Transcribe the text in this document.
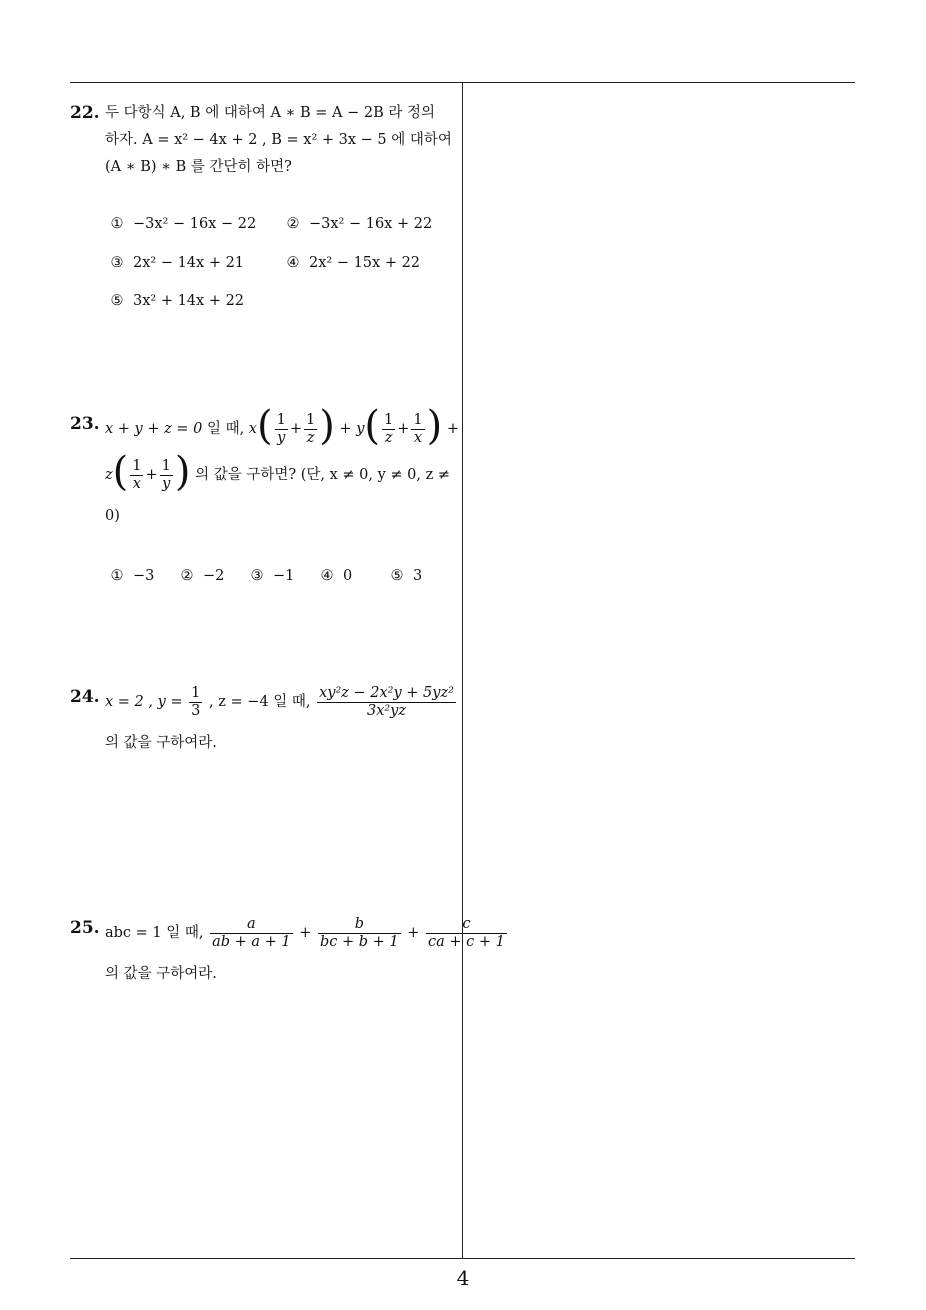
4
22. 두 다항식 A, B 에 대하여 A ∗ B = A − 2B 라 정의
하자. A = x² − 4x + 2 , B = x² + 3x − 5 에 대하여
(A ∗ B) ∗ B 를 간단히 하면?
① −3x² − 16x − 22 ② −3x² − 16x + 22
③ 2x² − 14x + 21	④ 2x² − 15x + 22
⑤ 3x² + 14x + 22
23. x + y + z = 0 일 때, $x( \frac{1}{y} + \frac{1}{z}$ ) + $y( \frac{1}{z} + \frac{1}{x}$ ) +
$z( \frac{1}{x} + \frac{1}{y}$ ) 의 값을 구하면? (단, x ≠ 0, y ≠ 0, z ≠
0)
① −3 ② −2 ③ −1 ④ 0	⑤ 3
24. x = 2 , $y = \frac{1}{3}$ , z = −4 일 때, $\frac{\text{xy²z − 2x²y + 5yz²}}{\text{3x²yz}}$
의 값을 구하여라.
25. abc = 1 일 때, $\frac{a}{ab + a + 1} + \frac{b}{bc + b + 1} + \frac{c}{ca + c + 1}$
의 값을 구하여라.
